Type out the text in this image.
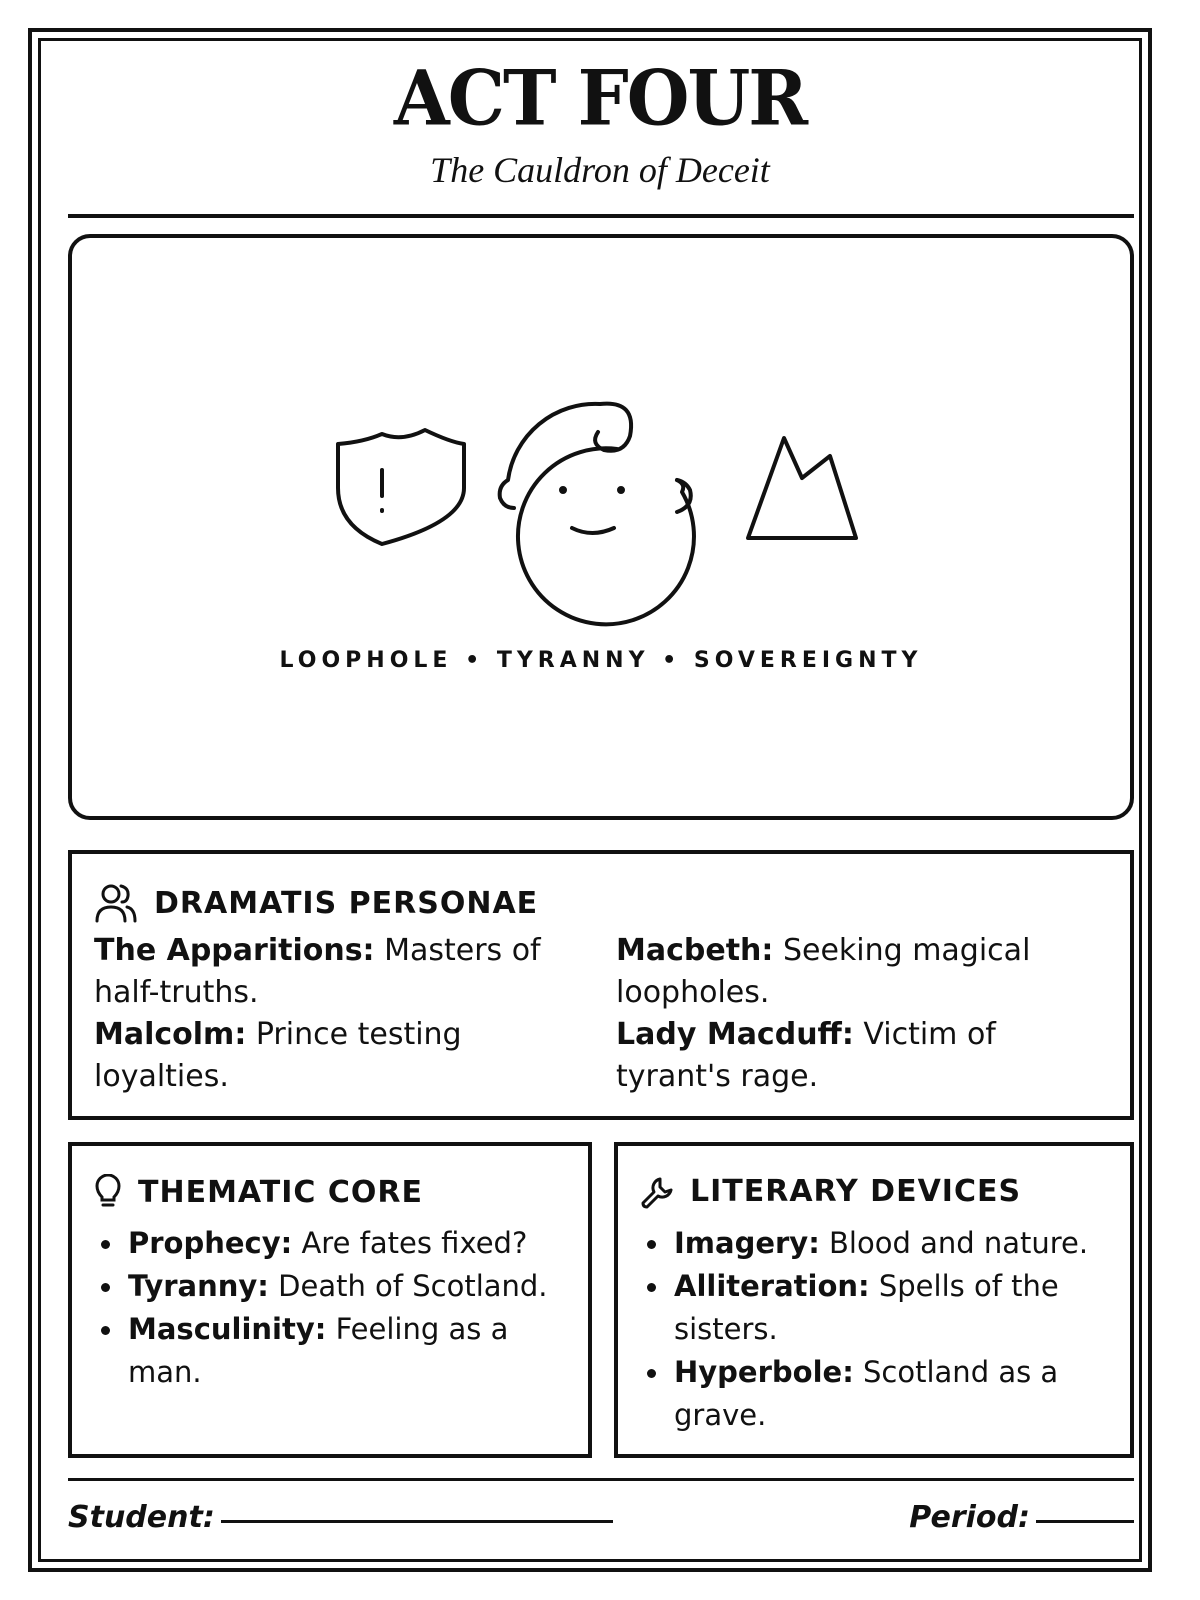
ACT FOUR
The Cauldron of Deceit
LOOPHOLE • TYRANNY • SOVEREIGNTY
DRAMATIS PERSONAE
The Apparitions: Masters of half-truths.
Macbeth: Seeking magical loopholes.
Malcolm: Prince testing loyalties.
Lady Macduff: Victim of tyrant's rage.
THEMATIC CORE
Prophecy: Are fates fixed?
Tyranny: Death of Scotland.
Masculinity: Feeling as a man.
LITERARY DEVICES
Imagery: Blood and nature.
Alliteration: Spells of the sisters.
Hyperbole: Scotland as a grave.
Student:	Period:
